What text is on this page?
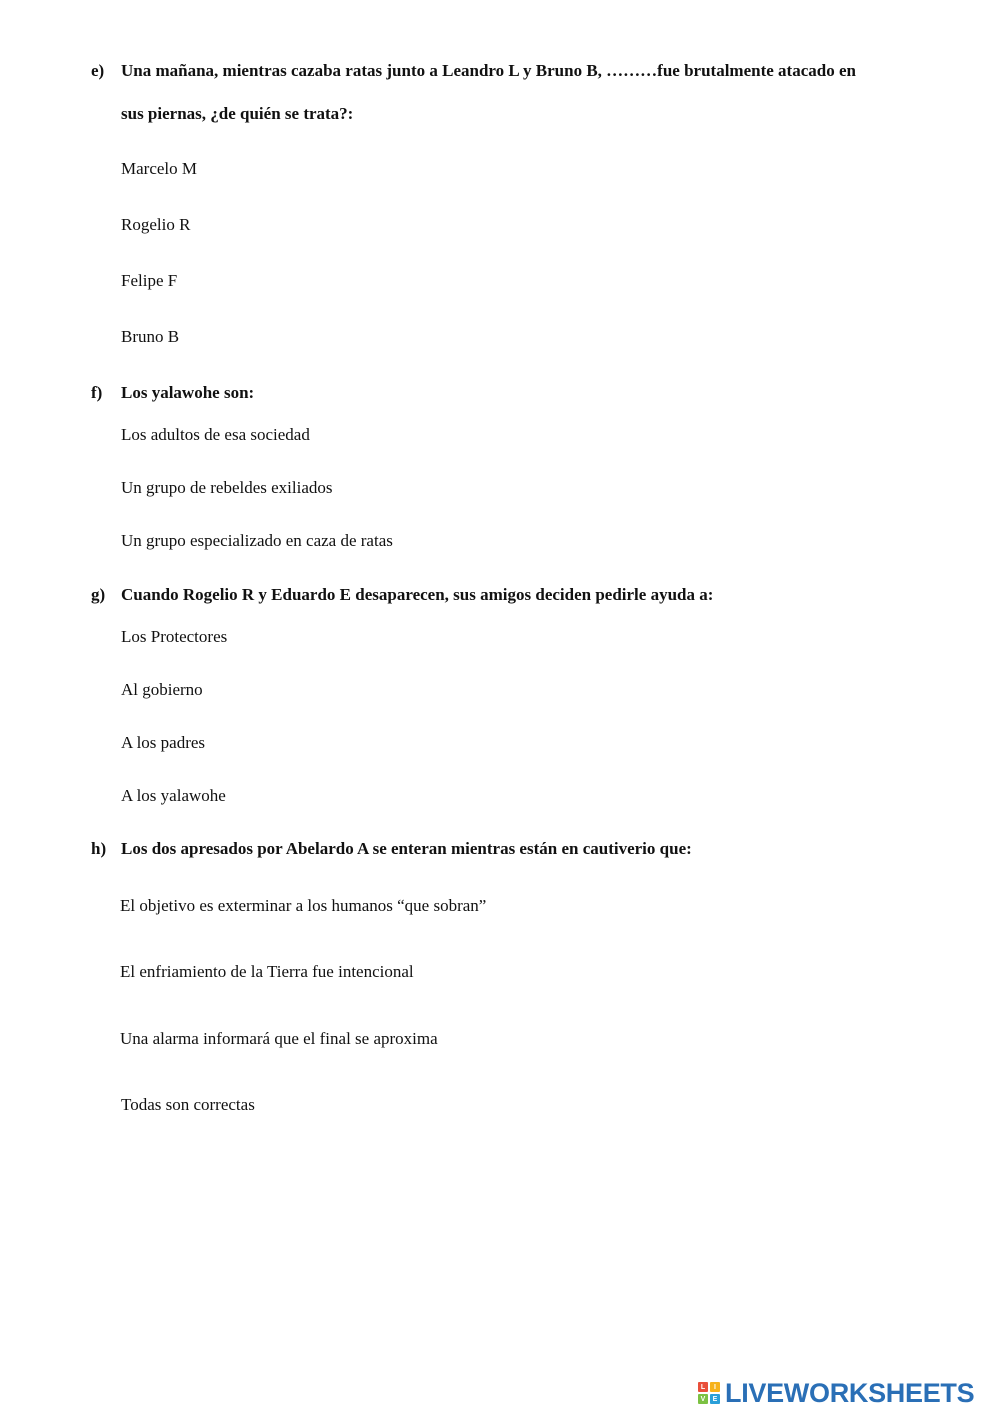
e) Una mañana, mientras cazaba ratas junto a Leandro L y Bruno B, ………fue brutalmente atacado en
sus piernas, ¿de quién se trata?:
Marcelo M
Rogelio R
Felipe F
Bruno B
f) Los yalawohe son:
Los adultos de esa sociedad
Un grupo de rebeldes exiliados
Un grupo especializado en caza de ratas
g) Cuando Rogelio R y Eduardo E desaparecen, sus amigos deciden pedirle ayuda a:
Los Protectores
Al gobierno
A los padres
A los yalawohe
h) Los dos apresados por Abelardo A se enteran mientras están en cautiverio que:
El objetivo es exterminar a los humanos “que sobran”
El enfriamiento de la Tierra fue intencional
Una alarma informará que el final se aproxima
Todas son correctas
L	I
V	E LIVEWORKSHEETS
